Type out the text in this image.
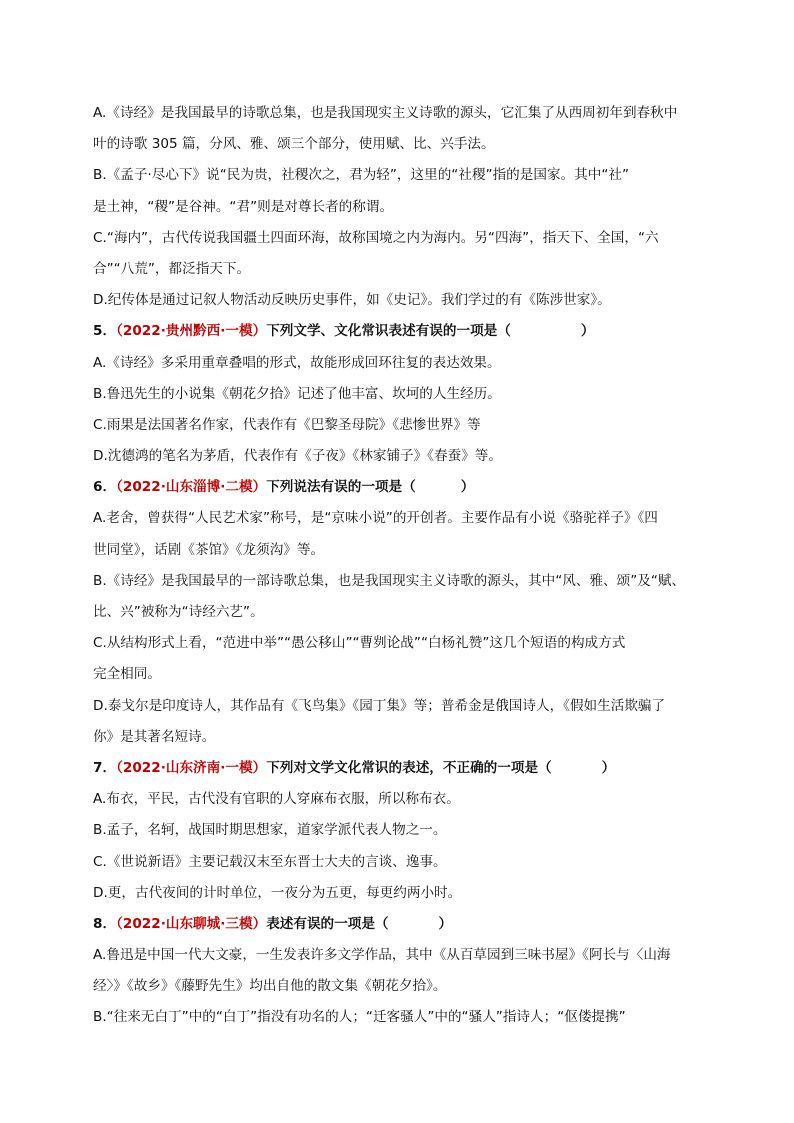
A.《诗经》是我国最早的诗歌总集，也是我国现实主义诗歌的源头，它汇集了从西周初年到春秋中
叶的诗歌 305 篇，分风、雅、颂三个部分，使用赋、比、兴手法。
B.《孟子·尽心下》说“民为贵，社稷次之，君为轻”，这里的“社稷”指的是国家。其中“社”
是土神，“稷”是谷神。“君”则是对尊长者的称谓。
C.“海内”，古代传说我国疆土四面环海，故称国境之内为海内。另“四海”，指天下、全国，“六
合”“八荒”，都泛指天下。
D.纪传体是通过记叙人物活动反映历史事件，如《史记》。我们学过的有《陈涉世家》。
5．（2022·贵州黔西·一模）下列文学、文化常识表述有误的一项是（	）
A.《诗经》多采用重章叠唱的形式，故能形成回环往复的表达效果。
B.鲁迅先生的小说集《朝花夕拾》记述了他丰富、坎坷的人生经历。
C.雨果是法国著名作家，代表作有《巴黎圣母院》《悲惨世界》等
D.沈德鸿的笔名为茅盾，代表作有《子夜》《林家铺子》《春蚕》等。
6．（2022·山东淄博·二模）下列说法有误的一项是（	）
A.老舍，曾获得“人民艺术家”称号，是“京味小说”的开创者。主要作品有小说《骆驼祥子》《四
世同堂》，话剧《茶馆》《龙须沟》等。
B.《诗经》是我国最早的一部诗歌总集，也是我国现实主义诗歌的源头，其中“风、雅、颂”及“赋、
比、兴”被称为“诗经六艺”。
C.从结构形式上看，“范进中举”“愚公移山”“曹刿论战”“白杨礼赞”这几个短语的构成方式
完全相同。
D.泰戈尔是印度诗人，其作品有《飞鸟集》《园丁集》等；普希金是俄国诗人，《假如生活欺骗了
你》是其著名短诗。
7．（2022·山东济南·一模）下列对文学文化常识的表述，不正确的一项是（	）
A.布衣，平民，古代没有官职的人穿麻布衣服，所以称布衣。
B.孟子，名轲，战国时期思想家，道家学派代表人物之一。
C.《世说新语》主要记载汉末至东晋士大夫的言谈、逸事。
D.更，古代夜间的计时单位，一夜分为五更，每更约两小时。
8．（2022·山东聊城·三模）表述有误的一项是（	）
A.鲁迅是中国一代大文豪，一生发表许多文学作品，其中《从百草园到三味书屋》《阿长与〈山海
经〉》《故乡》《藤野先生》均出自他的散文集《朝花夕拾》。
B.“往来无白丁”中的“白丁”指没有功名的人；“迁客骚人”中的“骚人”指诗人；“伛偻提携”
